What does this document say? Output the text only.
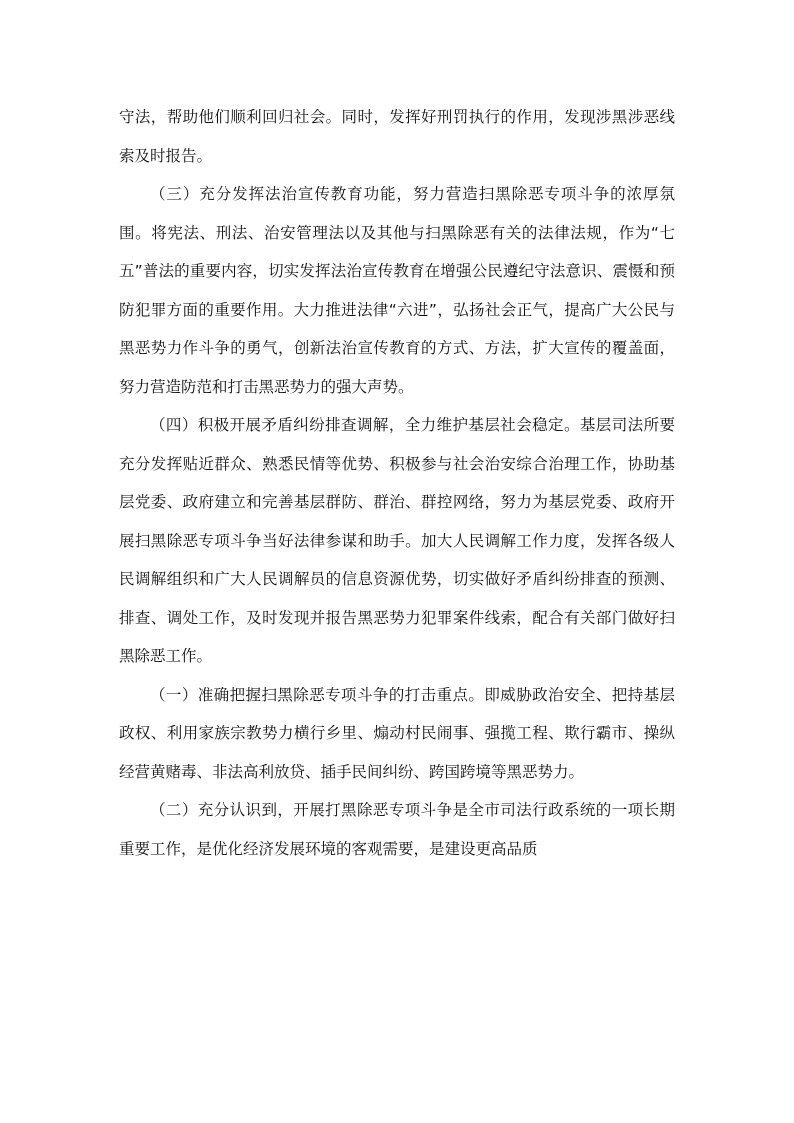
守法，帮助他们顺利回归社会。同时，发挥好刑罚执行的作用，发现涉黑涉恶线索及时报告。

（三）充分发挥法治宣传教育功能，努力营造扫黑除恶专项斗争的浓厚氛围。将宪法、刑法、治安管理法以及其他与扫黑除恶有关的法律法规，作为“七五”普法的重要内容，切实发挥法治宣传教育在增强公民遵纪守法意识、震慑和预防犯罪方面的重要作用。大力推进法律“六进”，弘扬社会正气，提高广大公民与黑恶势力作斗争的勇气，创新法治宣传教育的方式、方法，扩大宣传的覆盖面，努力营造防范和打击黑恶势力的强大声势。

（四）积极开展矛盾纠纷排查调解，全力维护基层社会稳定。基层司法所要充分发挥贴近群众、熟悉民情等优势、积极参与社会治安综合治理工作，协助基层党委、政府建立和完善基层群防、群治、群控网络，努力为基层党委、政府开展扫黑除恶专项斗争当好法律参谋和助手。加大人民调解工作力度，发挥各级人民调解组织和广大人民调解员的信息资源优势，切实做好矛盾纠纷排查的预测、排查、调处工作，及时发现并报告黑恶势力犯罪案件线索，配合有关部门做好扫黑除恶工作。

（一）准确把握扫黑除恶专项斗争的打击重点。即威胁政治安全、把持基层政权、利用家族宗教势力横行乡里、煽动村民闹事、强揽工程、欺行霸市、操纵经营黄赌毒、非法高利放贷、插手民间纠纷、跨国跨境等黑恶势力。

（二）充分认识到，开展打黑除恶专项斗争是全市司法行政系统的一项长期重要工作，是优化经济发展环境的客观需要，是建设更高品质
